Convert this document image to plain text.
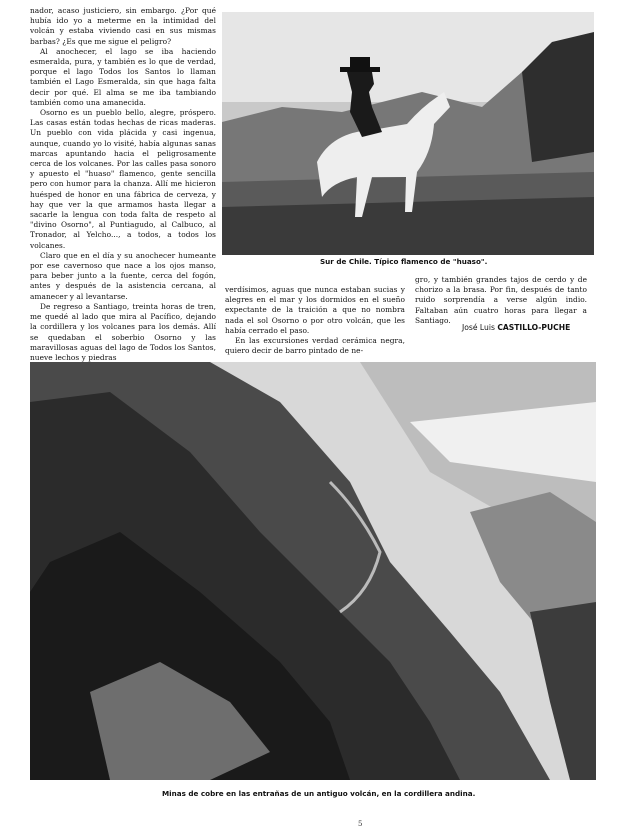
nador, acaso justiciero, sin embargo. ¿Por qué hubía ido yo a meterme en la intimidad del volcán y estaba viviendo casi en sus mismas barbas? ¿Es que me sigue el peligro?

Al anochecer, el lago se iba haciendo esmeralda, pura, y también es lo que de verdad, porque el lago Todos los Santos lo llaman también el Lago Esmeralda, sin que haga falta decir por qué. El alma se me iba tambiando también como una amanecida.

Osorno es un pueblo bello, alegre, próspero. Las casas están todas hechas de ricas maderas. Un pueblo con vida plácida y casi ingenua, aunque, cuando yo lo visité, había algunas sanas marcas apuntando hacia el peligrosamente cerca de los volcanes. Por las calles pasa sonoro y apuesto el "huaso" flamenco, gente sencilla pero con humor para la chanza. Allí me hicieron huésped de honor en una fábrica de cerveza, y hay que ver la que armamos hasta llegar a sacarle la lengua con toda falta de respeto al "divino Osorno", al Puntiagudo, al Calbuco, al Tronador, al Yelcho..., a todos, a todos los volcanes.

Claro que en el día y su anochecer humeante por ese cavernoso que nace a los ojos manso, para beber junto a la fuente, cerca del fogón, antes y después de la asistencia cercana, al amanecer y al levantarse.

De regreso a Santiago, treinta horas de tren, me quedé al lado que mira al Pacífico, dejando la cordillera y los volcanes para los demás. Allí se quedaban el soberbio Osorno y las maravillosas aguas del lago de Todos los Santos, nueve lechos y piedras

Sur de Chile. Típico flamenco de "huaso".

verdísimos, aguas que nunca estaban sucias y alegres en el mar y los dormidos en el sueño expectante de la traición a que no nombra nada el sol Osorno o por otro volcán, que les había cerrado el paso.

En las excursiones verdad cerámica negra, quiero decir de barro pintado de ne-

gro, y también grandes tajos de cerdo y de chorizo a la brasa. Por fin, después de tanto ruido sorprendía a verse algún indio. Faltaban aún cuatro horas para llegar a Santiago.

José Luis CASTILLO-PUCHE
Minas de cobre en las entrañas de un antiguo volcán, en la cordillera andina.
5
